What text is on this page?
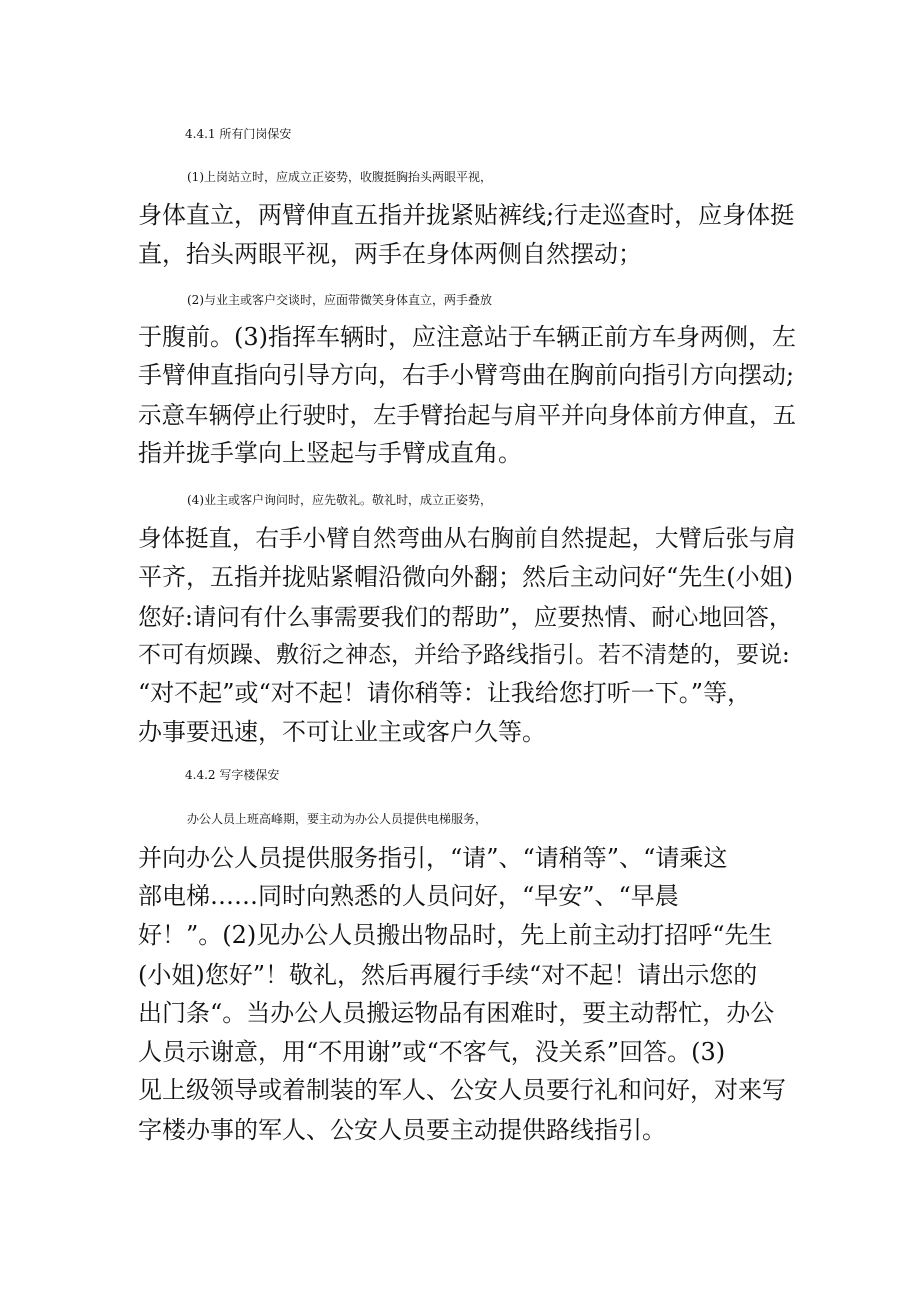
4.4.1 所有门岗保安
(1)上岗站立时，应成立正姿势，收腹挺胸抬头两眼平视，
身体直立，两臂伸直五指并拢紧贴裤线;行走巡查时，应身体挺
直，抬头两眼平视，两手在身体两侧自然摆动；
(2)与业主或客户交谈时，应面带微笑身体直立，两手叠放
于腹前。(3)指挥车辆时，应注意站于车辆正前方车身两侧，左
手臂伸直指向引导方向，右手小臂弯曲在胸前向指引方向摆动;
示意车辆停止行驶时，左手臂抬起与肩平并向身体前方伸直，五
指并拢手掌向上竖起与手臂成直角。
(4)业主或客户询问时，应先敬礼。敬礼时，成立正姿势，
身体挺直，右手小臂自然弯曲从右胸前自然提起，大臂后张与肩
平齐，五指并拢贴紧帽沿微向外翻；然后主动问好“先生(小姐)
您好:请问有什么事需要我们的帮助”，应要热情、耐心地回答，
不可有烦躁、敷衍之神态，并给予路线指引。若不清楚的，要说:
“对不起”或“对不起！请你稍等：让我给您打听一下。”等，
办事要迅速，不可让业主或客户久等。
4.4.2 写字楼保安
办公人员上班高峰期，要主动为办公人员提供电梯服务，
并向办公人员提供服务指引，“请”、“请稍等”、“请乘这
部电梯……同时向熟悉的人员问好，“早安”、“早晨
好！”。(2)见办公人员搬出物品时，先上前主动打招呼“先生
(小姐)您好”！敬礼，然后再履行手续“对不起！请出示您的
出门条“。当办公人员搬运物品有困难时，要主动帮忙，办公
人员示谢意，用“不用谢”或“不客气，没关系”回答。(3)
见上级领导或着制装的军人、公安人员要行礼和问好，对来写
字楼办事的军人、公安人员要主动提供路线指引。
